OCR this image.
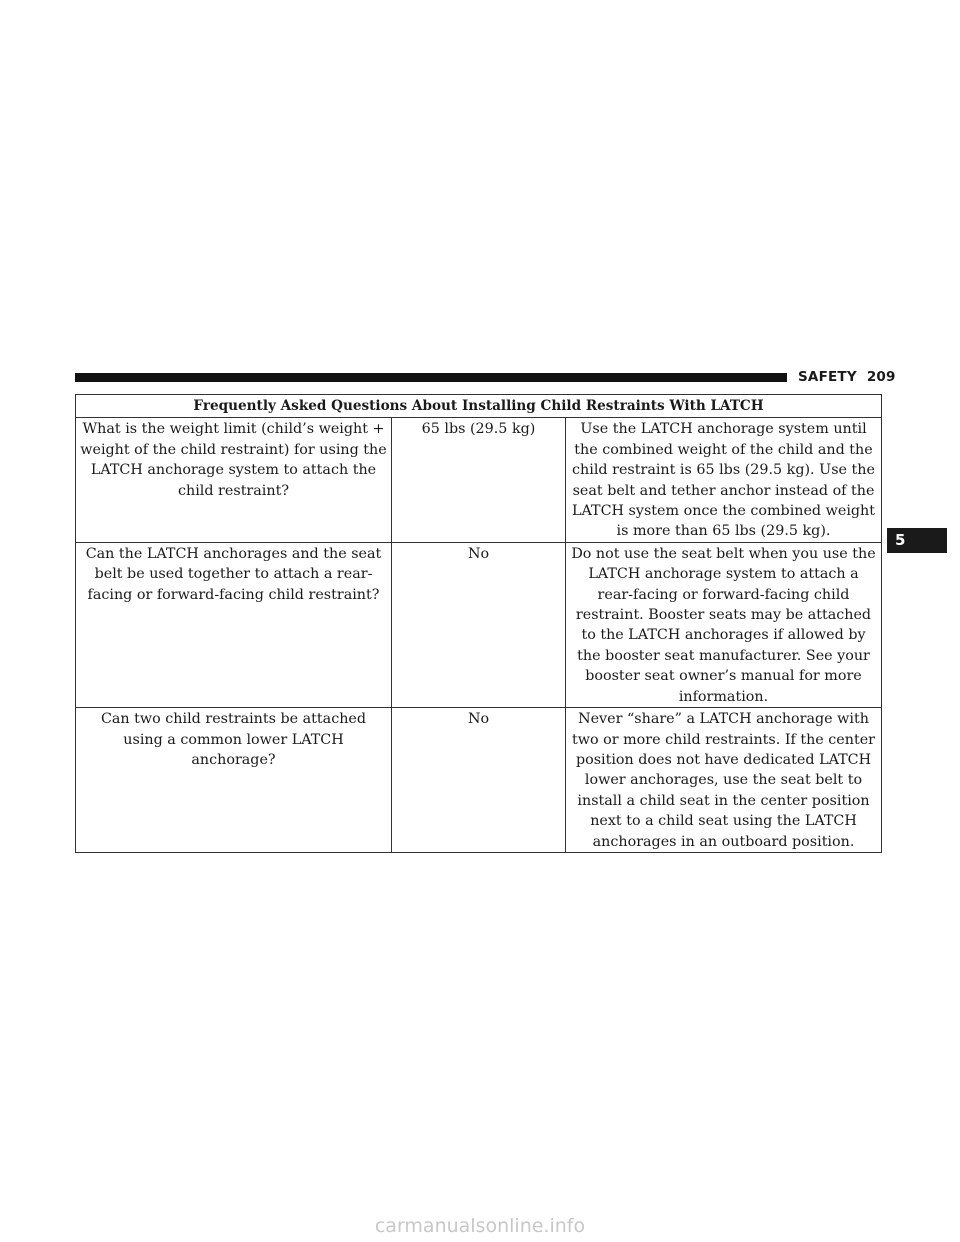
SAFETY 209
5
Frequently Asked Questions About Installing Child Restraints With LATCH		
What is the weight limit (child’s weight + weight of the child restraint) for using the LATCH anchorage system to attach the child restraint?	65 lbs (29.5 kg)	Use the LATCH anchorage system until the combined weight of the child and the child restraint is 65 lbs (29.5 kg). Use the seat belt and tether anchor instead of the LATCH system once the combined weight is more than 65 lbs (29.5 kg).
Can the LATCH anchorages and the seat belt be used together to attach a rear-facing or forward-facing child restraint?	No	Do not use the seat belt when you use the LATCH anchorage system to attach a rear-facing or forward-facing child restraint. Booster seats may be attached to the LATCH anchorages if allowed by the booster seat manufacturer. See your booster seat owner’s manual for more information.
Can two child restraints be attached using a common lower LATCH anchorage?	No	Never “share” a LATCH anchorage with two or more child restraints. If the center position does not have dedicated LATCH lower anchorages, use the seat belt to install a child seat in the center position next to a child seat using the LATCH anchorages in an outboard position.
carmanualsonline.info
